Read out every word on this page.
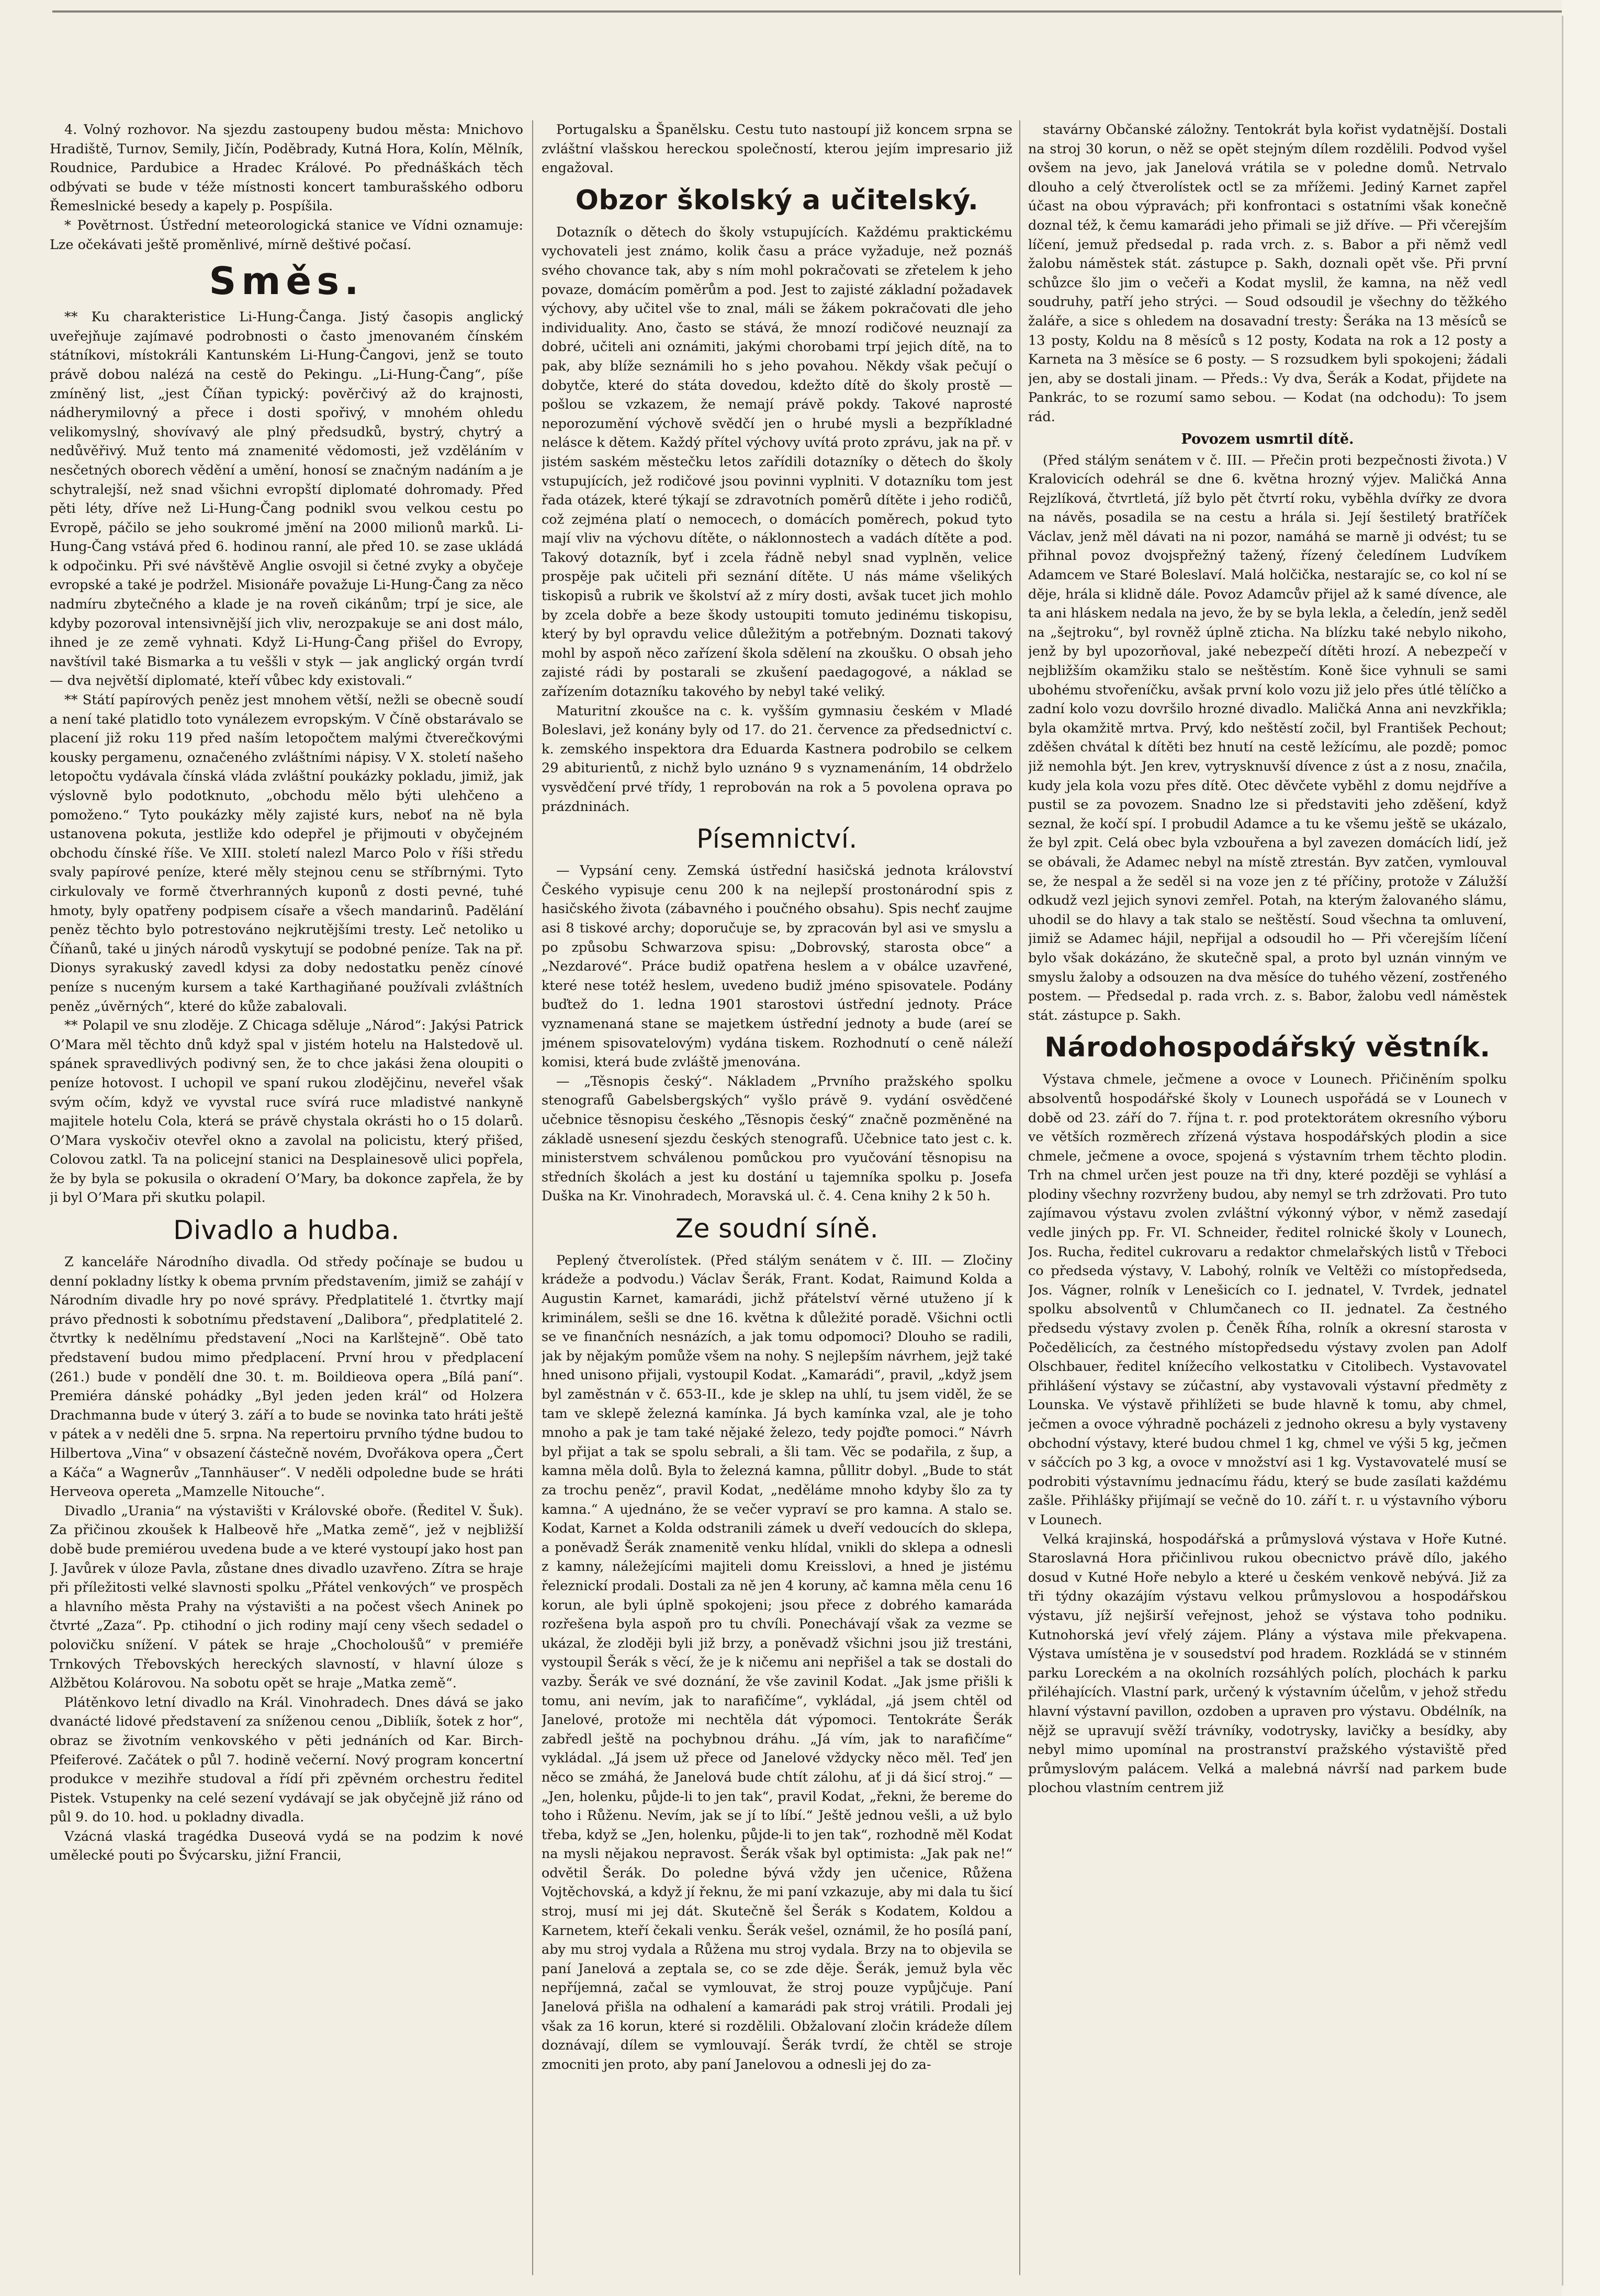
4. Volný rozhovor. Na sjezdu zastoupeny budou města: Mnichovo Hradiště, Turnov, Semily, Jičín, Poděbrady, Kutná Hora, Kolín, Mělník, Roudnice, Pardubice a Hradec Králové. Po přednáškách těch odbývati se bude v téže místnosti koncert tamburašského odboru Řemeslnické besedy a kapely p. Pospíšila.

* Povětrnost. Ústřední meteorologická stanice ve Vídni oznamuje: Lze očekávati ještě proměnlivé, mírně deštivé počasí.

Směs.

** Ku charakteristice Li-Hung-Čanga. Jistý časopis anglický uveřejňuje zajímavé podrobnosti o často jmenovaném čínském státníkovi, místokráli Kantunském Li-Hung-Čangovi, jenž se touto právě dobou nalézá na cestě do Pekingu. „Li-Hung-Čang“, píše zmíněný list, „jest Číňan typický: pověrčivý až do krajnosti, nádherymilovný a přece i dosti spořivý, v mnohém ohledu velikomyslný, shovívavý ale plný předsudků, bystrý, chytrý a nedůvěřivý. Muž tento má znamenité vědomosti, jež vzděláním v nesčetných oborech vědění a umění, honosí se značným nadáním a je schytralejší, než snad všichni evropští diplomaté dohromady. Před pěti léty, dříve než Li-Hung-Čang podnikl svou velkou cestu po Evropě, páčilo se jeho soukromé jmění na 2000 milionů marků. Li-Hung-Čang vstává před 6. hodinou ranní, ale před 10. se zase ukládá k odpočinku. Při své návštěvě Anglie osvojil si četné zvyky a obyčeje evropské a také je podržel. Misionáře považuje Li-Hung-Čang za něco nadmíru zbytečného a klade je na roveň cikánům; trpí je sice, ale kdyby pozoroval intensivnější jich vliv, nerozpakuje se ani dost málo, ihned je ze země vyhnati. Když Li-Hung-Čang přišel do Evropy, navštívil také Bismarka a tu veššli v styk — jak anglický orgán tvrdí — dva největší diplomaté, kteří vůbec kdy existovali.“

** Státí papírových peněz jest mnohem větší, nežli se obecně soudí a není také platidlo toto vynálezem evropským. V Číně obstarávalo se placení již roku 119 před naším letopočtem malými čtverečkovými kousky pergamenu, označeného zvláštními nápisy. V X. století našeho letopočtu vydávala čínská vláda zvláštní poukázky pokladu, jimiž, jak výslovně bylo podotknuto, „obchodu mělo býti ulehčeno a pomoženo.“ Tyto poukázky měly zajisté kurs, neboť na ně byla ustanovena pokuta, jestliže kdo odepřel je přijmouti v obyčejném obchodu čínské říše. Ve XIII. století nalezl Marco Polo v říši středu svaly papírové peníze, které měly stejnou cenu se stříbrnými. Tyto cirkulovaly ve formě čtverhranných kuponů z dosti pevné, tuhé hmoty, byly opatřeny podpisem císaře a všech mandarinů. Padělání peněz těchto bylo potrestováno nejkrutějšími tresty. Leč netoliko u Číňanů, také u jiných národů vyskytují se podobné peníze. Tak na př. Dionys syrakuský zavedl kdysi za doby nedostatku peněz cínové peníze s nuceným kursem a také Karthagiňané používali zvláštních peněz „úvěrných“, které do kůže zabalovali.

** Polapil ve snu zloděje. Z Chicaga sděluje „Národ“: Jakýsi Patrick O’Mara měl těchto dnů když spal v jistém hotelu na Halstedově ul. spánek spravedlivých podivný sen, že to chce jakási žena oloupiti o peníze hotovost. I uchopil ve spaní rukou zlodějčinu, neveřel však svým očím, když ve vyvstal ruce svírá ruce mladistvé nankyně majitele hotelu Cola, která se právě chystala okrásti ho o 15 dolarů. O’Mara vyskočiv otevřel okno a zavolal na policistu, který přišed, Colovou zatkl. Ta na policejní stanici na Desplainesově ulici popřela, že by byla se pokusila o okradení O’Mary, ba dokonce zapřela, že by ji byl O’Mara při skutku polapil.

Divadlo a hudba.

Z kanceláře Národního divadla. Od středy počínaje se budou u denní pokladny lístky k obema prvním představením, jimiž se zahájí v Národním divadle hry po nové správy. Předplatitelé 1. čtvrtky mají právo přednosti k sobotnímu představení „Dalibora“, předplatitelé 2. čtvrtky k nedělnímu představení „Noci na Karlštejně“. Obě tato představení budou mimo předplacení. První hrou v předplacení (261.) bude v pondělí dne 30. t. m. Boildieova opera „Bílá paní“. Premiéra dánské pohádky „Byl jeden jeden král“ od Holzera Drachmanna bude v úterý 3. září a to bude se novinka tato hráti ještě v pátek a v neděli dne 5. srpna. Na repertoiru prvního týdne budou to Hilbertova „Vina“ v obsazení částečně novém, Dvořákova opera „Čert a Káča“ a Wagnerův „Tannhäuser“. V neděli odpoledne bude se hráti Herveova opereta „Mamzelle Nitouche“.

Divadlo „Urania“ na výstavišti v Královské oboře. (Ředitel V. Šuk). Za přičinou zkoušek k Halbeově hře „Matka země“, jež v nejbližší době bude premiérou uvedena bude a ve které vystoupí jako host pan J. Javůrek v úloze Pavla, zůstane dnes divadlo uzavřeno. Zítra se hraje při příležitosti velké slavnosti spolku „Přátel venkových“ ve prospěch a hlavního města Prahy na výstavišti a na počest všech Aninek po čtvrté „Zaza“. Pp. ctihodní o jich rodiny mají ceny všech sedadel o polovičku snížení. V pátek se hraje „Chocholoušů“ v premiéře Trnkových Třebovských hereckých slavností, v hlavní úloze s Alžbětou Kolárovou. Na sobotu opět se hraje „Matka země“.

Plátěnkovo letní divadlo na Král. Vinohradech. Dnes dává se jako dvanácté lidové představení za sníženou cenou „Dibliík, šotek z hor“, obraz se životním venkovského v pěti jednáních od Kar. Birch-Pfeiferové. Začátek o půl 7. hodině večerní. Nový program koncertní produkce v mezihře studoval a řídí při zpěvném orchestru ředitel Pistek. Vstupenky na celé sezení vydávají se jak obyčejně již ráno od půl 9. do 10. hod. u pokladny divadla.

Vzácná vlaská tragédka Duseová vydá se na podzim k nové umělecké pouti po Švýcarsku, jižní Francii,

Portugalsku a Španělsku. Cestu tuto nastoupí již koncem srpna se zvláštní vlašskou hereckou společností, kterou jejím impresario již engažoval.

Obzor školský a učitelský.

Dotazník o dětech do školy vstupujících. Každému praktickému vychovateli jest známo, kolik času a práce vyžaduje, než poznáš svého chovance tak, aby s ním mohl pokračovati se zřetelem k jeho povaze, domácím poměrům a pod. Jest to zajisté základní požadavek výchovy, aby učitel vše to znal, máli se žákem pokračovati dle jeho individuality. Ano, často se stává, že mnozí rodičové neuznají za dobré, učiteli ani oznámiti, jakými chorobami trpí jejich dítě, na to pak, aby blíže seznámili ho s jeho povahou. Někdy však pečují o dobytče, které do státa dovedou, kdežto dítě do školy prostě — pošlou se vzkazem, že nemají právě pokdy. Takové naprosté neporozumění výchově svědčí jen o hrubé mysli a bezpříkladné nelásce k dětem. Každý přítel výchovy uvítá proto zprávu, jak na př. v jistém saském městečku letos zařídili dotazníky o dětech do školy vstupujících, jež rodičové jsou povinni vyplniti. V dotazníku tom jest řada otázek, které týkají se zdravotních poměrů dítěte i jeho rodičů, což zejména platí o nemocech, o domácích poměrech, pokud tyto mají vliv na výchovu dítěte, o náklonnostech a vadách dítěte a pod. Takový dotazník, byť i zcela řádně nebyl snad vyplněn, velice prospěje pak učiteli při seznání dítěte. U nás máme všelikých tiskopisů a rubrik ve školství až z míry dosti, avšak tucet jich mohlo by zcela dobře a beze škody ustoupiti tomuto jedinému tiskopisu, který by byl opravdu velice důležitým a potřebným. Doznati takový mohl by aspoň něco zařízení škola sdělení na zkoušku. O obsah jeho zajisté rádi by postarali se zkušení paedagogové, a náklad se zařízením dotazníku takového by nebyl také veliký.

Maturitní zkoušce na c. k. vyšším gymnasiu českém v Mladé Boleslavi, jež konány byly od 17. do 21. července za předsednictví c. k. zemského inspektora dra Eduarda Kastnera podrobilo se celkem 29 abiturientů, z nichž bylo uznáno 9 s vyznamenáním, 14 obdrželo vysvědčení prvé třídy, 1 reprobován na rok a 5 povolena oprava po prázdninách.

Písemnictví.

— Vypsání ceny. Zemská ústřední hasičská jednota království Českého vypisuje cenu 200 k na nejlepší prostonárodní spis z hasičského života (zábavného i poučného obsahu). Spis nechť zaujme asi 8 tiskové archy; doporučuje se, by zpracován byl asi ve smyslu a po způsobu Schwarzova spisu: „Dobrovský, starosta obce“ a „Nezdarové“. Práce budiž opatřena heslem a v obálce uzavřené, které nese totéž heslem, uvedeno budiž jméno spisovatele. Podány buďtež do 1. ledna 1901 starostovi ústřední jednoty. Práce vyznamenaná stane se majetkem ústřední jednoty a bude (areí se jménem spisovatelovým) vydána tiskem. Rozhodnutí o ceně náleží komisi, která bude zvláště jmenována.

— „Těsnopis český“. Nákladem „Prvního pražského spolku stenografů Gabelsbergských“ vyšlo právě 9. vydání osvědčené učebnice těsnopisu českého „Těsnopis český“ značně pozměněné na základě usnesení sjezdu českých stenografů. Učebnice tato jest c. k. ministerstvem schválenou pomůckou pro vyučování těsnopisu na středních školách a jest ku dostání u tajemníka spolku p. Josefa Duška na Kr. Vinohradech, Moravská ul. č. 4. Cena knihy 2 k 50 h.

Ze soudní síně.

Peplený čtverolístek. (Před stálým senátem v č. III. — Zločiny krádeže a podvodu.) Václav Šerák, Frant. Kodat, Raimund Kolda a Augustin Karnet, kamarádi, jichž přátelství věrné utuženo jí k kriminálem, sešli se dne 16. května k důležité poradě. Všichni octli se ve finančních nesnázích, a jak tomu odpomoci? Dlouho se radili, jak by nějakým pomůže všem na nohy. S nejlepším návrhem, jejž také hned unisono přijali, vystoupil Kodat. „Kamarádi“, pravil, „když jsem byl zaměstnán v č. 653-II., kde je sklep na uhlí, tu jsem viděl, že se tam ve sklepě železná kamínka. Já bych kamínka vzal, ale je toho mnoho a pak je tam také nějaké železo, tedy pojďte pomoci.“ Návrh byl přijat a tak se spolu sebrali, a šli tam. Věc se podařila, z šup, a kamna měla dolů. Byla to železná kamna, půllitr dobyl. „Bude to stát za trochu peněz“, pravil Kodat, „neděláme mnoho kdyby šlo za ty kamna.“ A ujednáno, že se večer vypraví se pro kamna. A stalo se. Kodat, Karnet a Kolda odstranili zámek u dveří vedoucích do sklepa, a poněvadž Šerák znamenitě venku hlídal, vnikli do sklepa a odnesli z kamny, náležejícími majiteli domu Kreisslovi, a hned je jistému řeleznickí prodali. Dostali za ně jen 4 koruny, ač kamna měla cenu 16 korun, ale byli úplně spokojeni; jsou přece z dobrého kamaráda rozřešena byla aspoň pro tu chvíli. Ponechávají však za vezme se ukázal, že zloději byli již brzy, a poněvadž všichni jsou již trestáni, vystoupil Šerák s věcí, že je k ničemu ani nepřišel a tak se dostali do vazby. Šerák ve své doznání, že vše zavinil Kodat. „Jak jsme přišli k tomu, ani nevím, jak to narafičíme“, vykládal, „já jsem chtěl od Janelové, protože mi nechtěla dát výpomoci. Tentokráte Šerák zabředl ještě na pochybnou dráhu. „Já vím, jak to narafičíme“ vykládal. „Já jsem už přece od Janelové vždycky něco měl. Teď jen něco se zmáhá, že Janelová bude chtít zálohu, ať ji dá šicí stroj.“ — „Jen, holenku, půjde-li to jen tak“, pravil Kodat, „řekni, že bereme do toho i Růženu. Nevím, jak se jí to líbí.“ Ještě jednou vešli, a už bylo třeba, když se „Jen, holenku, půjde-li to jen tak“, rozhodně měl Kodat na mysli nějakou nepravost. Šerák však byl optimista: „Jak pak ne!“ odvětil Šerák. Do poledne bývá vždy jen učenice, Růžena Vojtěchovská, a když jí řeknu, že mi paní vzkazuje, aby mi dala tu šicí stroj, musí mi jej dát. Skutečně šel Šerák s Kodatem, Koldou a Karnetem, kteří čekali venku. Šerák vešel, oznámil, že ho posílá paní, aby mu stroj vydala a Růžena mu stroj vydala. Brzy na to objevila se paní Janelová a zeptala se, co se zde děje. Šerák, jemuž byla věc nepříjemná, začal se vymlouvat, že stroj pouze vypůjčuje. Paní Janelová přišla na odhalení a kamarádi pak stroj vrátili. Prodali jej však za 16 korun, které si rozdělili. Obžalovaní zločin krádeže dílem doznávají, dílem se vymlouvají. Šerák tvrdí, že chtěl se stroje zmocniti jen proto, aby paní Janelovou a odnesli jej do za-

stavárny Občanské záložny. Tentokrát byla kořist vydatnější. Dostali na stroj 30 korun, o něž se opět stejným dílem rozdělili. Podvod vyšel ovšem na jevo, jak Janelová vrátila se v poledne domů. Netrvalo dlouho a celý čtverolístek octl se za mřížemi. Jediný Karnet zapřel účast na obou výpravách; při konfrontaci s ostatními však konečně doznal též, k čemu kamarádi jeho přimali se již dříve. — Při včerejším líčení, jemuž předsedal p. rada vrch. z. s. Babor a při němž vedl žalobu náměstek stát. zástupce p. Sakh, doznali opět vše. Při první schůzce šlo jim o večeři a Kodat myslil, že kamna, na něž vedl soudruhy, patří jeho strýci. — Soud odsoudil je všechny do těžkého žaláře, a sice s ohledem na dosavadní tresty: Šeráka na 13 měsíců se 13 posty, Koldu na 8 měsíců s 12 posty, Kodata na rok a 12 posty a Karneta na 3 měsíce se 6 posty. — S rozsudkem byli spokojeni; žádali jen, aby se dostali jinam. — Předs.: Vy dva, Šerák a Kodat, přijdete na Pankrác, to se rozumí samo sebou. — Kodat (na odchodu): To jsem rád.

Povozem usmrtil dítě.

(Před stálým senátem v č. III. — Přečin proti bezpečnosti života.) V Kralovicích odehrál se dne 6. května hrozný výjev. Maličká Anna Rejzlíková, čtvrtletá, jíž bylo pět čtvrtí roku, vyběhla dvířky ze dvora na návěs, posadila se na cestu a hrála si. Její šestiletý bratříček Václav, jenž měl dávati na ni pozor, namáhá se marně ji odvést; tu se přihnal povoz dvojspřežný tažený, řízený čeledínem Ludvíkem Adamcem ve Staré Boleslaví. Malá holčička, nestarajíc se, co kol ní se děje, hrála si klidně dále. Povoz Adamcův přijel až k samé dívence, ale ta ani hláskem nedala na jevo, že by se byla lekla, a čeledín, jenž seděl na „šejtroku“, byl rovněž úplně zticha. Na blízku také nebylo nikoho, jenž by byl upozorňoval, jaké nebezpečí dítěti hrozí. A nebezpečí v nejbližším okamžiku stalo se neštěstím. Koně šice vyhnuli se sami ubohému stvořeníčku, avšak první kolo vozu již jelo přes útlé tělíčko a zadní kolo vozu dovršilo hrozné divadlo. Maličká Anna ani nevzkřikla; byla okamžitě mrtva. Prvý, kdo neštěstí zočil, byl František Pechout; zděšen chvátal k dítěti bez hnutí na cestě ležícímu, ale pozdě; pomoc již nemohla být. Jen krev, vytrysknuvší dívence z úst a z nosu, značila, kudy jela kola vozu přes dítě. Otec děvčete vyběhl z domu nejdříve a pustil se za povozem. Snadno lze si představiti jeho zděšení, když seznal, že kočí spí. I probudil Adamce a tu ke všemu ještě se ukázalo, že byl zpit. Celá obec byla vzbouřena a byl zavezen domácích lidí, jež se obávali, že Adamec nebyl na místě ztrestán. Byv zatčen, vymlouval se, že nespal a že seděl si na voze jen z té příčiny, protože v Zálužší odkudž vezl jejich synovi zemřel. Potah, na kterým žalovaného slámu, uhodil se do hlavy a tak stalo se neštěstí. Soud všechna ta omluvení, jimiž se Adamec hájil, nepřijal a odsoudil ho — Při včerejším líčení bylo však dokázáno, že skutečně spal, a proto byl uznán vinným ve smyslu žaloby a odsouzen na dva měsíce do tuhého vězení, zostřeného postem. — Předsedal p. rada vrch. z. s. Babor, žalobu vedl náměstek stát. zástupce p. Sakh.

Národohospodářský věstník.

Výstava chmele, ječmene a ovoce v Lounech. Přičiněním spolku absolventů hospodářské školy v Lounech uspořádá se v Lounech v době od 23. září do 7. října t. r. pod protektorátem okresního výboru ve větších rozměrech zřízená výstava hospodářských plodin a sice chmele, ječmene a ovoce, spojená s výstavním trhem těchto plodin. Trh na chmel určen jest pouze na tři dny, které později se vyhlásí a plodiny všechny rozvrženy budou, aby nemyl se trh zdržovati. Pro tuto zajímavou výstavu zvolen zvláštní výkonný výbor, v němž zasedají vedle jiných pp. Fr. VI. Schneider, ředitel rolnické školy v Lounech, Jos. Rucha, ředitel cukrovaru a redaktor chmelařských listů v Třeboci co předseda výstavy, V. Labohý, rolník ve Veltěži co místopředseda, Jos. Vágner, rolník v Lenešicích co I. jednatel, V. Tvrdek, jednatel spolku absolventů v Chlumčanech co II. jednatel. Za čestného předsedu výstavy zvolen p. Čeněk Říha, rolník a okresní starosta v Počedělicích, za čestného místopředsedu výstavy zvolen pan Adolf Olschbauer, ředitel knížecího velkostatku v Citolibech. Vystavovatel přihlášení výstavy se zúčastní, aby vystavovali výstavní předměty z Lounska. Ve výstavě přihlížeti se bude hlavně k tomu, aby chmel, ječmen a ovoce výhradně pocházeli z jednoho okresu a byly vystaveny obchodní výstavy, které budou chmel 1 kg, chmel ve výši 5 kg, ječmen v sáčcích po 3 kg, a ovoce v množství asi 1 kg. Vystavovatelé musí se podrobiti výstavnímu jednacímu řádu, který se bude zasílati každému zašle. Přihlášky přijímají se večně do 10. září t. r. u výstavního výboru v Lounech.

Velká krajinská, hospodářská a průmyslová výstava v Hoře Kutné. Staroslavná Hora přičinlivou rukou obecnictvo právě dílo, jakého dosud v Kutné Hoře nebylo a které u českém venkově nebývá. Již za tři týdny okazájím výstavu velkou průmyslovou a hospodářskou výstavu, jíž nejširší veřejnost, jehož se výstava toho podniku. Kutnohorská jeví vřelý zájem. Plány a výstava mile překvapena. Výstava umístěna je v sousedství pod hradem. Rozkládá se v stinném parku Loreckém a na okolních rozsáhlých polích, plochách k parku přiléhajících. Vlastní park, určený k výstavním účelům, v jehož středu hlavní výstavní pavillon, ozdoben a upraven pro výstavu. Obdélník, na nějž se upravují svěží trávníky, vodotrysky, lavičky a besídky, aby nebyl mimo upomínal na prostranství pražského výstaviště před průmyslovým palácem. Velká a malebná návrší nad parkem bude plochou vlastním centrem již
